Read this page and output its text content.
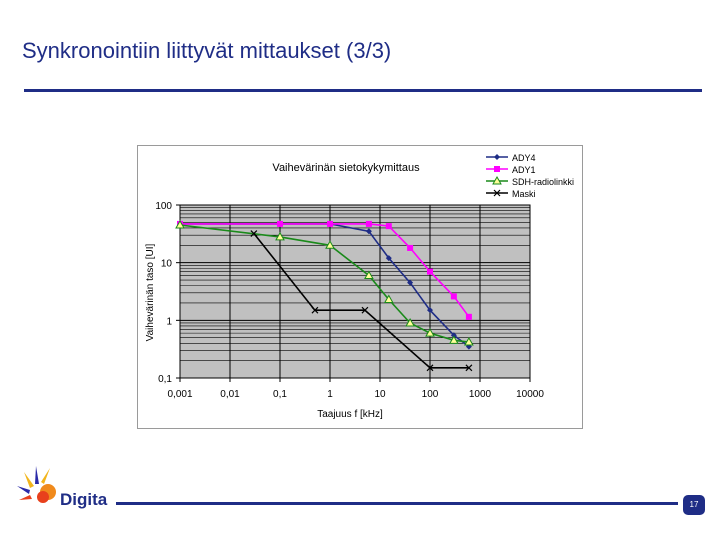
Synkronointiin liittyvät mittaukset (3/3)
0,1
1
10
100
0,001	0,01	0,1	1	10	100	1000 10000
Vaihevärinän sietokykymittaus
Taajuus f [kHz]
Vaihevärinän taso [UI]
ADY4
ADY1
SDH-radiolinkki
Maski
Digita	17
